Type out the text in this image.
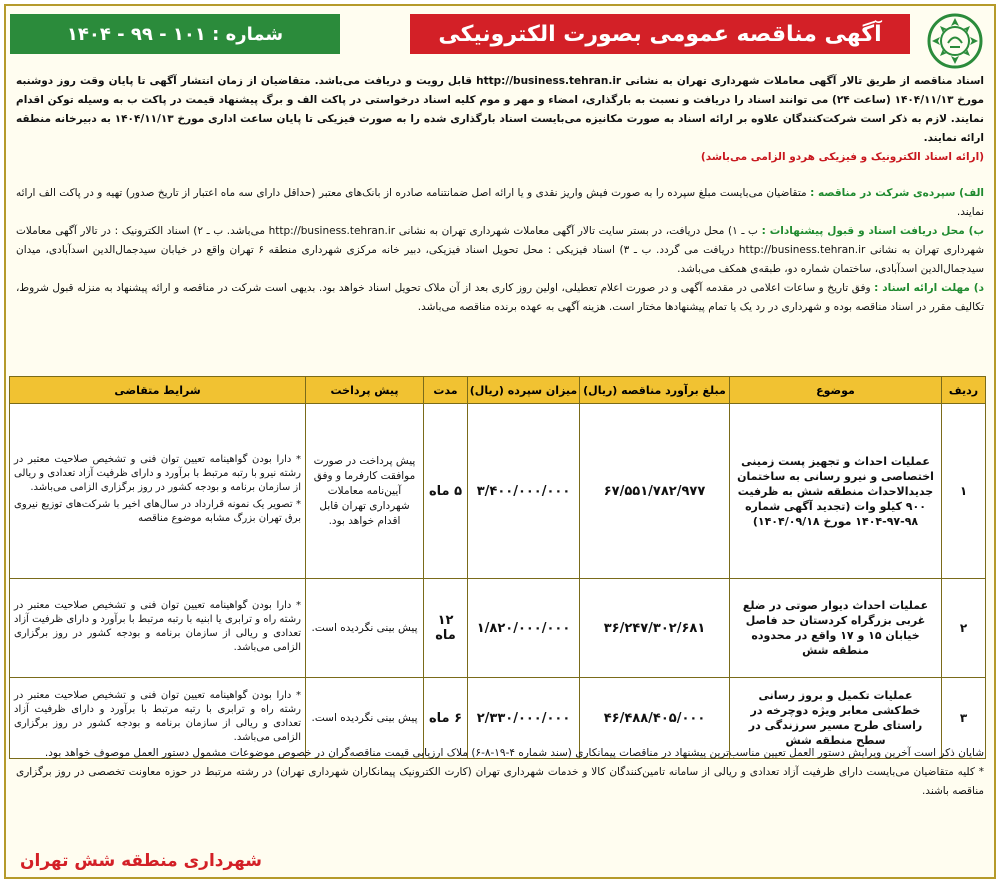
آگهی مناقصه عمومی بصورت الکترونیکی
شماره : ۱۰۱ - ۹۹ - ۱۴۰۴

اسناد مناقصه از طریق تالار آگهی معاملات شهرداری تهران به نشانی http://business.tehran.ir قابل رویت و دریافت می‌باشد. متقاضیان از زمان انتشار آگهی تا پایان وقت روز دوشنبه مورخ ۱۴۰۴/۱۱/۱۳ (ساعت ۲۴) می توانند اسناد را دریافت و نسبت به بارگذاری، امضاء و مهر و موم کلیه اسناد درخواستی در پاکت الف و برگ پیشنهاد قیمت در پاکت ب به وسیله توکن اقدام نمایند. لازم به ذکر است شرکت‌کنندگان علاوه بر ارائه اسناد به صورت مکانیزه می‌بایست اسناد بارگذاری شده را به صورت فیزیکی تا پایان ساعت اداری مورخ ۱۴۰۴/۱۱/۱۳ به دبیرخانه منطقه ارائه نمایند.

(ارائه اسناد الکترونیک و فیزیکی هردو الزامی می‌باشد)

الف) سپرده‌ی شرکت در مناقصه : متقاضیان می‌بایست مبلغ سپرده را به صورت فیش واریز نقدی و یا ارائه اصل ضمانتنامه صادره از بانک‌های معتبر (حداقل دارای سه ماه اعتبار از تاریخ صدور) تهیه و در پاکت الف ارائه نمایند.

ب) محل دریافت اسناد و قبول پیشنهادات : ب ـ ۱) محل دریافت، در بستر سایت تالار آگهی معاملات شهرداری تهران به نشانی http://business.tehran.ir می‌باشد. ب ـ ۲) اسناد الکترونیک : در تالار آگهی معاملات شهرداری تهران به نشانی http://business.tehran.ir دریافت می گردد. ب ـ ۳) اسناد فیزیکی : محل تحویل اسناد فیزیکی، دبیر خانه مرکزی شهرداری منطقه ۶ تهران واقع در خیابان سیدجمال‌الدین اسدآبادی، میدان سیدجمال‌الدین اسدآبادی، ساختمان شماره دو، طبقه‌ی همکف می‌باشد.

د) مهلت ارائه اسناد : وفق تاریخ و ساعات اعلامی در مقدمه آگهی و در صورت اعلام تعطیلی، اولین روز کاری بعد از آن ملاک تحویل اسناد خواهد بود. بدیهی است شرکت در مناقصه و ارائه پیشنهاد به منزله قبول شروط، تکالیف مقرر در اسناد مناقصه بوده و شهرداری در رد یک یا تمام پیشنهادها مختار است. هزینه آگهی به عهده برنده مناقصه می‌باشد.

ردیف	موضوع	مبلغ برآورد مناقصه (ریال)	میزان سپرده (ریال)	مدت	پیش پرداخت	شرایط متقاضی
۱	عملیات احداث و تجهیز پست زمینی اختصاصی و نیرو رسانی به ساختمان جدیدالاحداث منطقه شش به ظرفیت ۹۰۰ کیلو وات (تجدید آگهی شماره ۹۸-۹۷-۱۴۰۴ مورخ ۱۴۰۴/۰۹/۱۸)	۶۷/۵۵۱/۷۸۲/۹۷۷	۳/۴۰۰/۰۰۰/۰۰۰	۵ ماه	پیش پرداخت در صورت موافقت کارفرما و وفق آیین‌نامه معاملات شهرداری تهران قابل اقدام خواهد بود.	* دارا بودن گواهینامه تعیین توان فنی و تشخیص صلاحیت معتبر در رشته نیرو با رتبه مرتبط با برآورد و دارای ظرفیت آزاد تعدادی و ریالی از سازمان برنامه و بودجه کشور در روز برگزاری الزامی می‌باشد.
* تصویر یک نمونه قرارداد در سال‌های اخیر با شرکت‌های توزیع نیروی برق تهران بزرگ مشابه موضوع مناقصه

۲	عملیات احداث دیوار صوتی در ضلع غربی بزرگراه کردستان حد فاصل خیابان ۱۵ و ۱۷ واقع در محدوده منطقه شش	۳۶/۲۴۷/۳۰۲/۶۸۱	۱/۸۲۰/۰۰۰/۰۰۰	۱۲ ماه	پیش بینی نگردیده است.	* دارا بودن گواهینامه تعیین توان فنی و تشخیص صلاحیت معتبر در رشته راه و ترابری یا ابنیه با رتبه مرتبط با برآورد و دارای ظرفیت آزاد تعدادی و ریالی از سازمان برنامه و بودجه کشور در روز برگزاری الزامی می‌باشد.

۳	عملیات تکمیل و بروز رسانی خط‌کشی معابر ویژه دوچرخه در راستای طرح مسیر سرزندگی در سطح منطقه شش	۴۶/۴۸۸/۴۰۵/۰۰۰	۲/۳۳۰/۰۰۰/۰۰۰	۶ ماه	پیش بینی نگردیده است.	* دارا بودن گواهینامه تعیین توان فنی و تشخیص صلاحیت معتبر در رشته راه و ترابری با رتبه مرتبط با برآورد و دارای ظرفیت آزاد تعدادی و ریالی از سازمان برنامه و بودجه کشور در روز برگزاری الزامی می‌باشد.

شایان ذکر است آخرین ویرایش دستور العمل تعیین مناسب‌ترین پیشنهاد در مناقصات پیمانکاری (سند شماره ۴-۱۹-۸-۶) ملاک ارزیابی قیمت مناقصه‌گران در خصوص موضوعات مشمول دستور العمل موصوف خواهد بود.

* کلیه متقاضیان می‌بایست دارای ظرفیت آزاد تعدادی و ریالی از سامانه تامین‌کنندگان کالا و خدمات شهرداری تهران (کارت الکترونیک پیمانکاران شهرداری تهران) در رشته مرتبط در حوزه معاونت تخصصی در روز برگزاری مناقصه باشند.

شهرداری منطقه شش تهران
